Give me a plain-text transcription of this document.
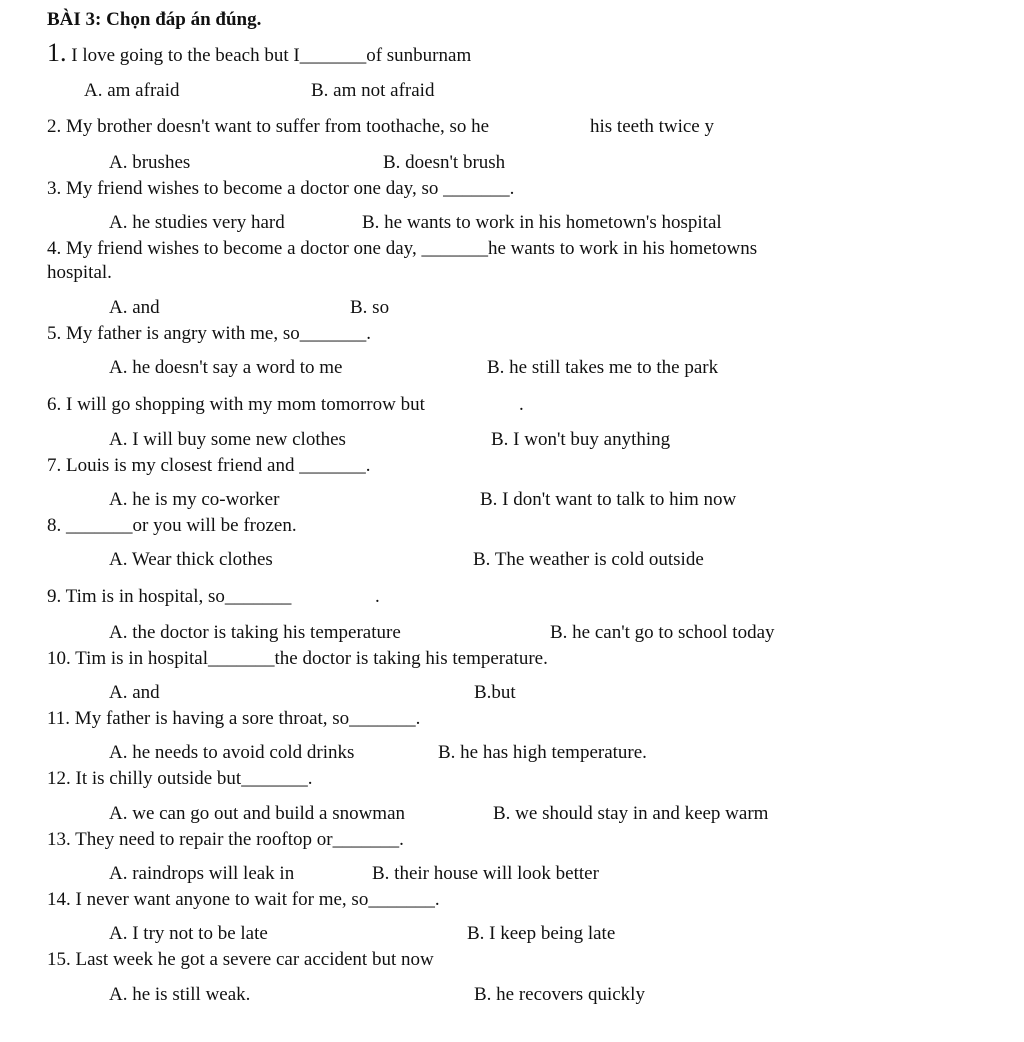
BÀI 3: Chọn đáp án đúng.
1. I love going to the beach but I_______of sunburnam
A. am afraid	B. am not afraid
2. My brother doesn't want to suffer from toothache, so he	his teeth twice y
A. brushes	B. doesn't brush
3. My friend wishes to become a doctor one day, so _______.
A. he studies very hard	B. he wants to work in his hometown's hospital
4. My friend wishes to become a doctor one day, _______he wants to work in his hometowns
hospital.
A. and	B. so
5. My father is angry with me, so_______.
A. he doesn't say a word to me	B. he still takes me to the park
6. I will go shopping with my mom tomorrow but	.
A. I will buy some new clothes	B. I won't buy anything
7. Louis is my closest friend and _______.
A. he is my co-worker	B. I don't want to talk to him now
8. _______or you will be frozen.
A. Wear thick clothes	B. The weather is cold outside
9. Tim is in hospital, so_______	.
A. the doctor is taking his temperature	B. he can't go to school today
10. Tim is in hospital_______the doctor is taking his temperature.
A. and	B.but
11. My father is having a sore throat, so_______.
A. he needs to avoid cold drinks	B. he has high temperature.
12. It is chilly outside but_______.
A. we can go out and build a snowman	B. we should stay in and keep warm
13. They need to repair the rooftop or_______.
A. raindrops will leak in	B. their house will look better
14. I never want anyone to wait for me, so_______.
A. I try not to be late	B. I keep being late
15. Last week he got a severe car accident but now
A. he is still weak.	B. he recovers quickly
